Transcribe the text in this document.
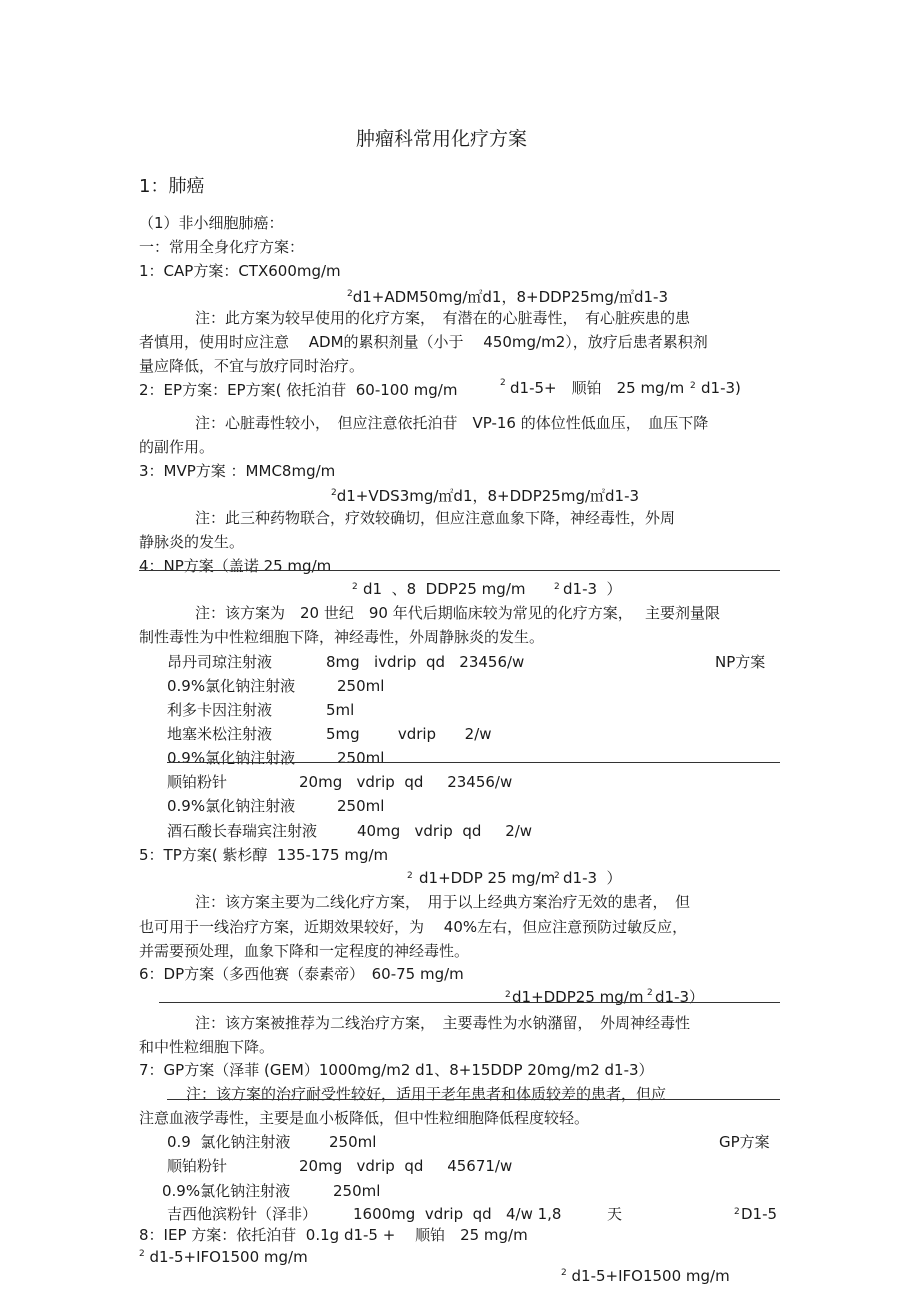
肿瘤科常用化疗方案
1：肺癌
（1）非小细胞肺癌：
一：常用全身化疗方案：
1：CAP方案：CTX600mg/m
$^2$d1+ADM50mg/㎡d1，8+DDP25mg/㎡d1-3
注：此方案为较早使用的化疗方案，　有潜在的心脏毒性，　有心脏疾患的患
者慎用，使用时应注意　 ADM的累积剂量（小于　 450mg/m2），放疗后患者累积剂
量应降低，不宜与放疗同时治疗。
2：EP方案：EP方案( 依托泊苷  60-100 mg/m	2 d1-5+　顺铂　25 mg/m 2 d1-3)
注：心脏毒性较小，　但应注意依托泊苷　VP-16 的体位性低血压，　血压下降
的副作用。
3：MVP方案 ：MMC8mg/m
$^2$d1+VDS3mg/㎡d1，8+DDP25mg/㎡d1-3
注：此三种药物联合，疗效较确切，但应注意血象下降，神经毒性，外周
静脉炎的发生。
4：NP方案（盖诺 25 mg/m
2 d1  、8  DDP25 mg/m	2 d1-3  ）
注：该方案为　20 世纪　90 年代后期临床较为常见的化疗方案，　 主要剂量限
制性毒性为中性粒细胞下降，神经毒性，外周静脉炎的发生。
昂丹司琼注射液	8mg   ivdrip  qd   23456/w	NP方案
0.9%氯化钠注射液	250ml
利多卡因注射液	5ml
地塞米松注射液	5mg        vdrip      2/w
0.9%氯化钠注射液	250ml
顺铂粉针	20mg   vdrip  qd     23456/w
0.9%氯化钠注射液	250ml
酒石酸长春瑞宾注射液	40mg   vdrip  qd     2/w
5：TP方案( 紫杉醇  135-175 mg/m
2 d1+DDP 25 mg/m
2 d1-3  ）
注：该方案主要为二线化疗方案，　用于以上经典方案治疗无效的患者，　但
也可用于一线治疗方案，近期效果较好，为　 40%左右，但应注意预防过敏反应，
并需要预处理，血象下降和一定程度的神经毒性。
6：DP方案（多西他赛（泰素帝）　60-75 mg/m
2 d1+DDP25 mg/m 2 d1-3）
注：该方案被推荐为二线治疗方案，　主要毒性为水钠潴留，　外周神经毒性
和中性粒细胞下降。
7：GP方案（泽菲 (GEM）1000mg/m2 d1、8+15DDP 20mg/m2 d1-3）
注：该方案的治疗耐受性较好，适用于老年患者和体质较差的患者，但应
注意血液学毒性，主要是血小板降低，但中性粒细胞降低程度较轻。
0.9  氯化钠注射液	250ml	GP方案
顺铂粉针	20mg   vdrip  qd     45671/w
0.9%氯化钠注射液	250ml
吉西他滨粉针（泽非） 1600mg  vdrip  qd   4/w 1,8	天	2 D1-5
8：IEP 方案：依托泊苷  0.1g d1-5 +　 顺铂　25 mg/m
$^2$ d1-5+IFO1500 mg/m
$^2$ d1-5+IFO1500 mg/m
